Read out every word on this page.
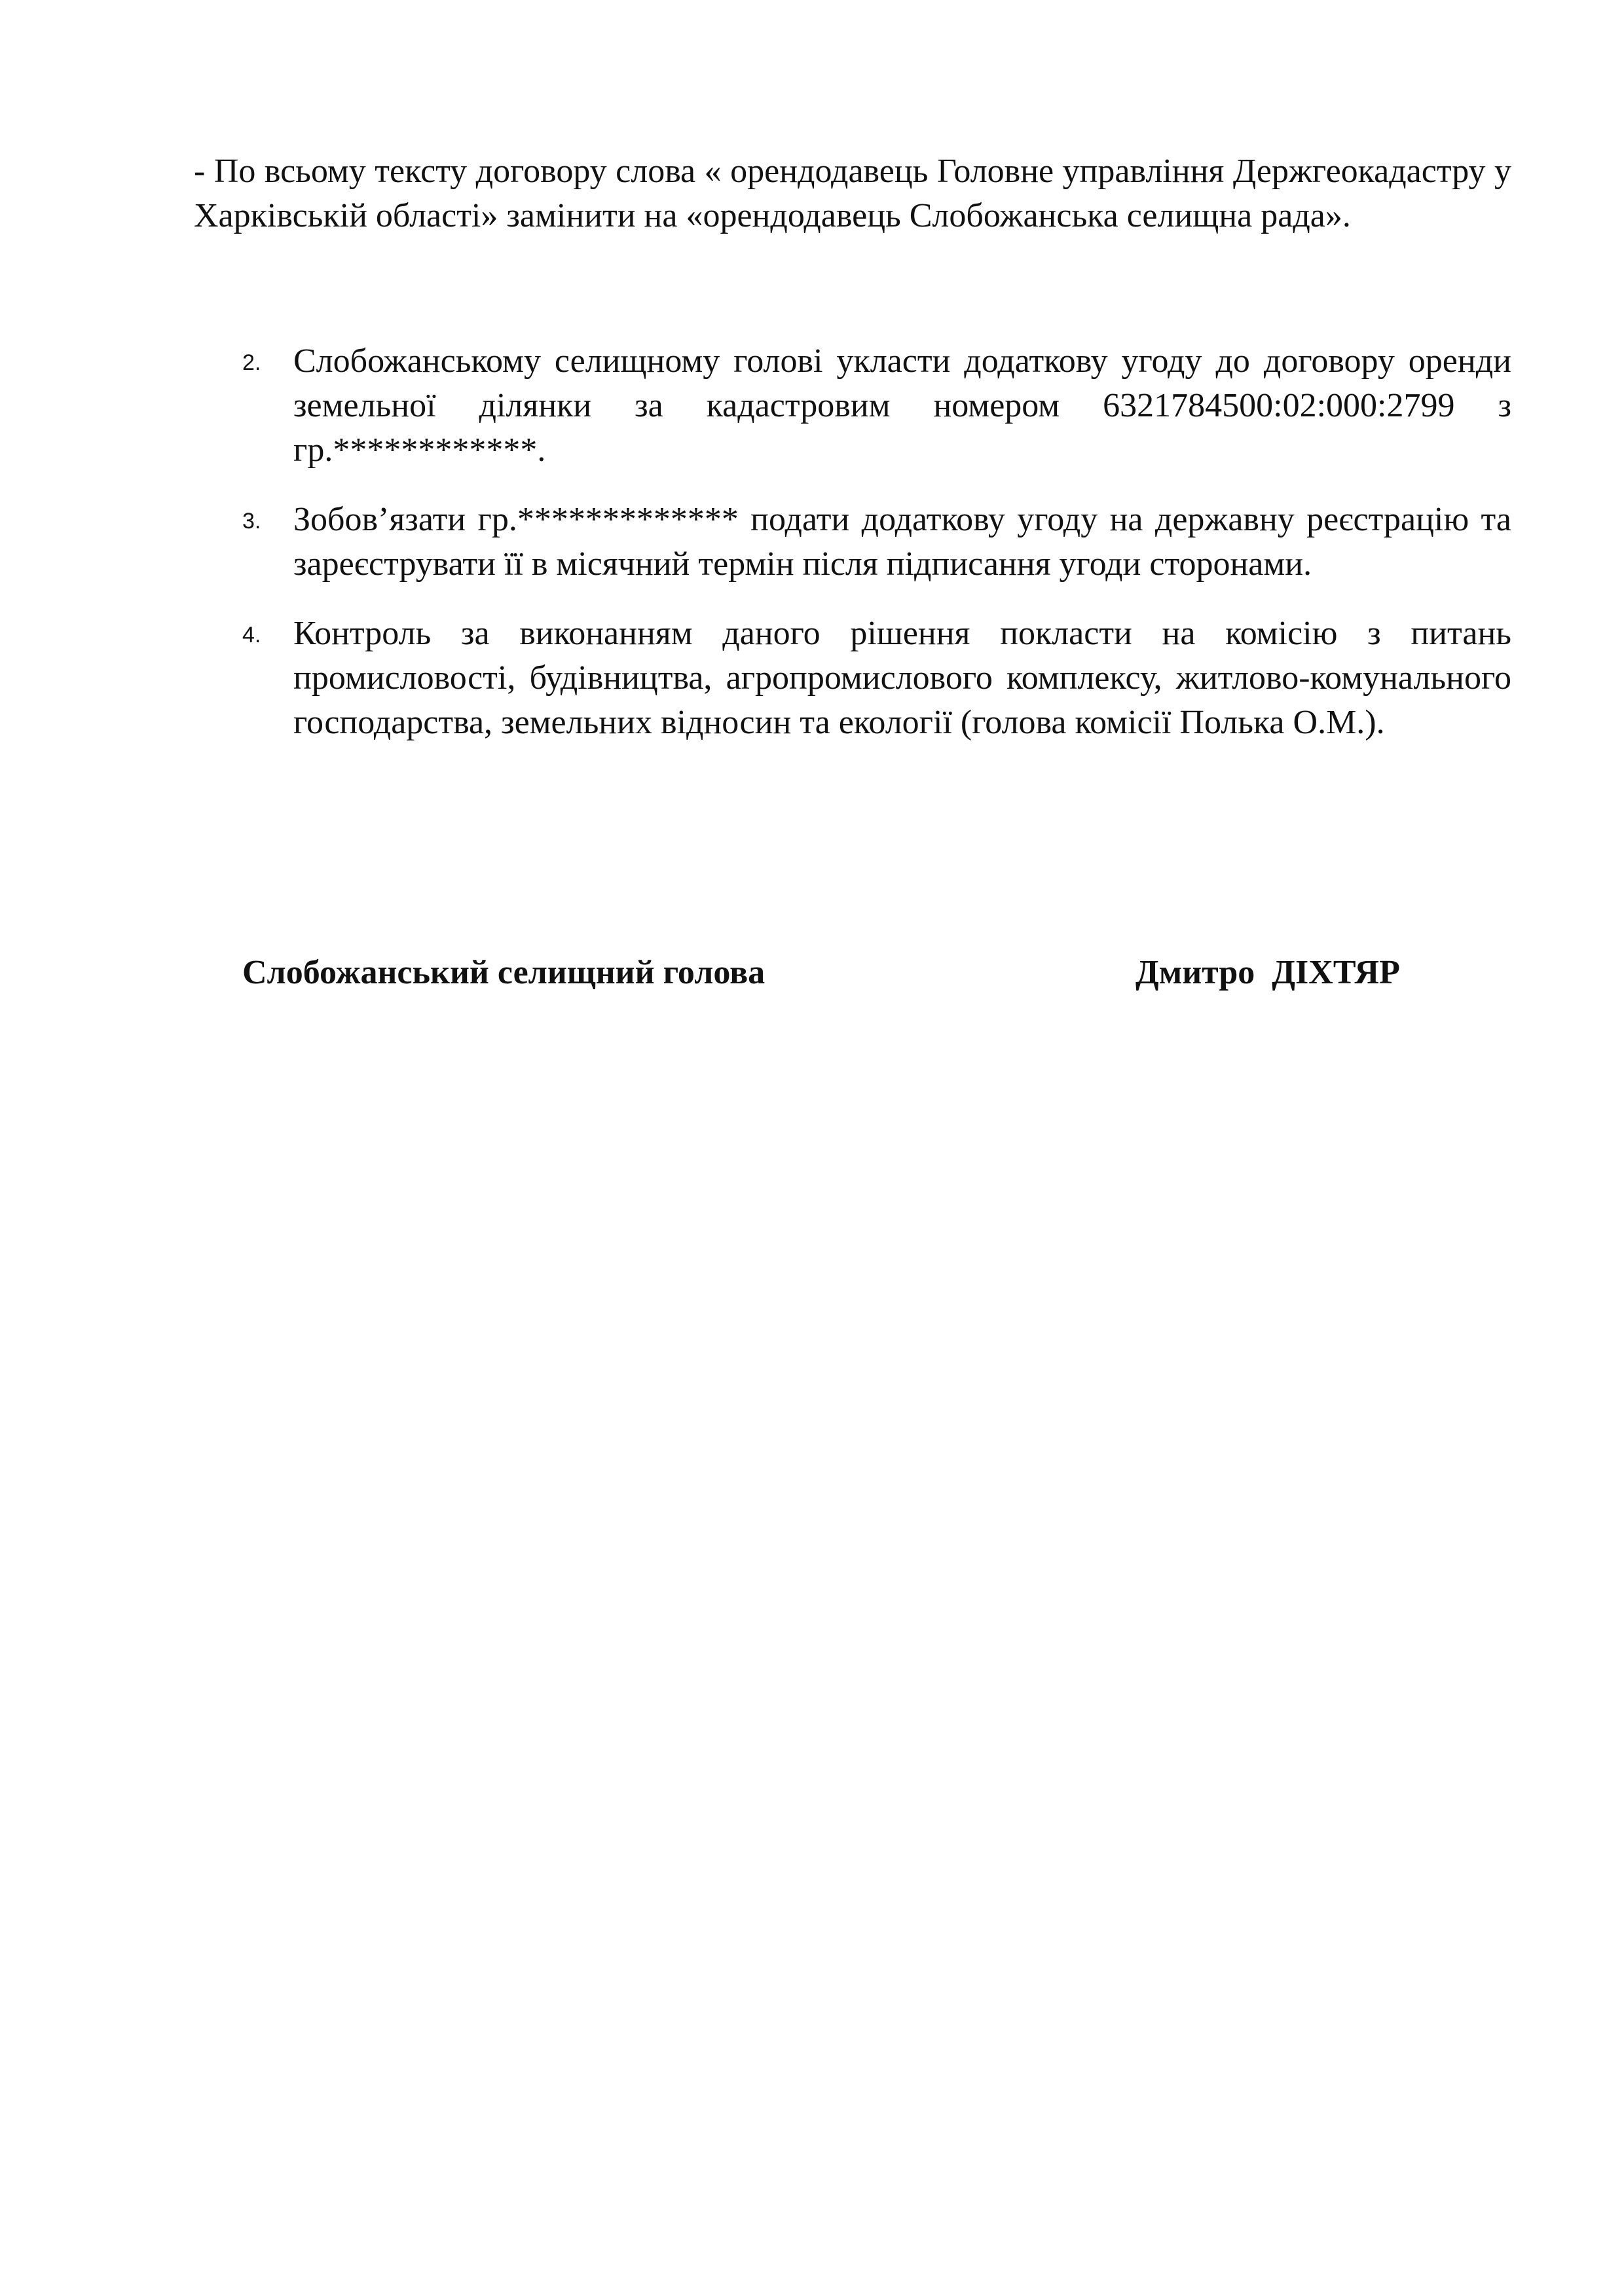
- По всьому тексту договору слова « орендодавець Головне управління Держгеокадастру у Харківській області» замінити на «орендодавець Слобожанська селищна рада».

2. Слобожанському селищному голові укласти додаткову угоду до договору оренди земельної ділянки за кадастровим номером 6321784500:02:000:2799 з гр.************.
3. Зобов’язати гр.************* подати додаткову угоду на державну реєстрацію та зареєструвати її в місячний термін після підписання угоди сторонами.
4. Контроль за виконанням даного рішення покласти на комісію з питань промисловості, будівництва, агропромислового комплексу, житлово-комунального господарства, земельних відносин та екології (голова комісії Полька О.М.).
Слобожанський селищний голова	Дмитро  ДІХТЯР
